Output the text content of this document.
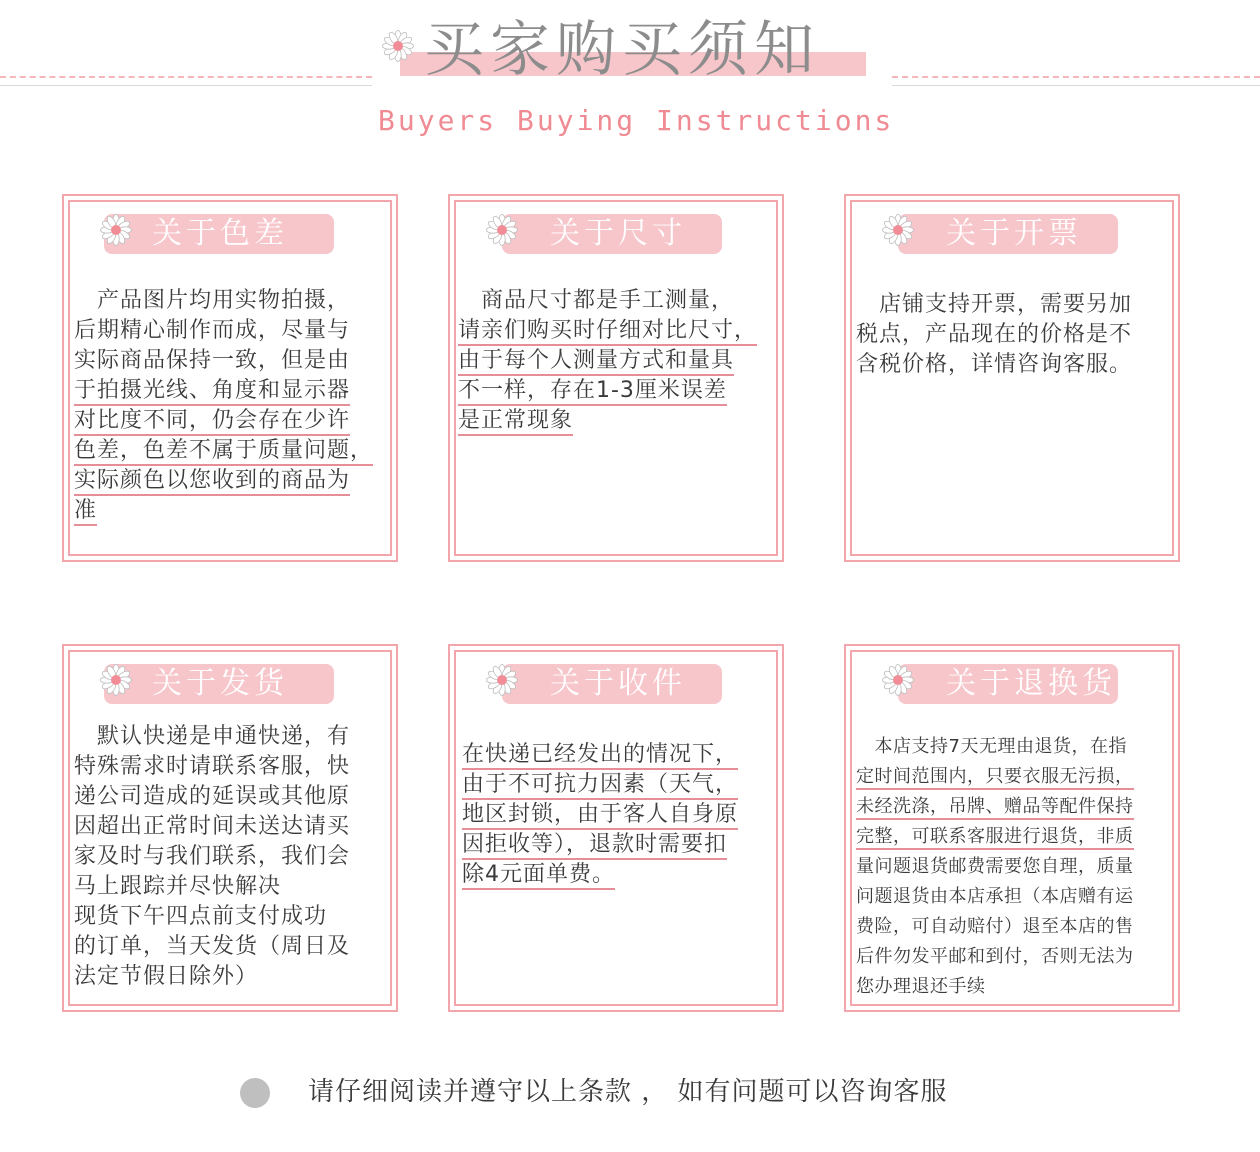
买家购买须知
Buyers Buying Instructions
关于色差
　产品图片均用实物拍摄，
后期精心制作而成，尽量与
实际商品保持一致，但是由
于拍摄光线、角度和显示器
对比度不同，仍会存在少许
色差，色差不属于质量问题，
实际颜色以您收到的商品为
准
关于尺寸
　商品尺寸都是手工测量，
请亲们购买时仔细对比尺寸，
由于每个人测量方式和量具
不一样，存在1-3厘米误差
是正常现象
关于开票
　店铺支持开票，需要另加
税点，产品现在的价格是不
含税价格，详情咨询客服。
关于发货
　默认快递是申通快递，有
特殊需求时请联系客服，快
递公司造成的延误或其他原
因超出正常时间未送达请买
家及时与我们联系，我们会
马上跟踪并尽快解决
现货下午四点前支付成功
的订单，当天发货（周日及
法定节假日除外）
关于收件
在快递已经发出的情况下，
由于不可抗力因素（天气，
地区封锁，由于客人自身原
因拒收等），退款时需要扣
除4元面单费。
关于退换货
　本店支持7天无理由退货，在指
定时间范围内，只要衣服无污损，
未经洗涤，吊牌、赠品等配件保持
完整，可联系客服进行退货，非质
量问题退货邮费需要您自理，质量
问题退货由本店承担（本店赠有运
费险，可自动赔付）退至本店的售
后件勿发平邮和到付，否则无法为
您办理退还手续
请仔细阅读并遵守以上条款 ， 如有问题可以咨询客服
